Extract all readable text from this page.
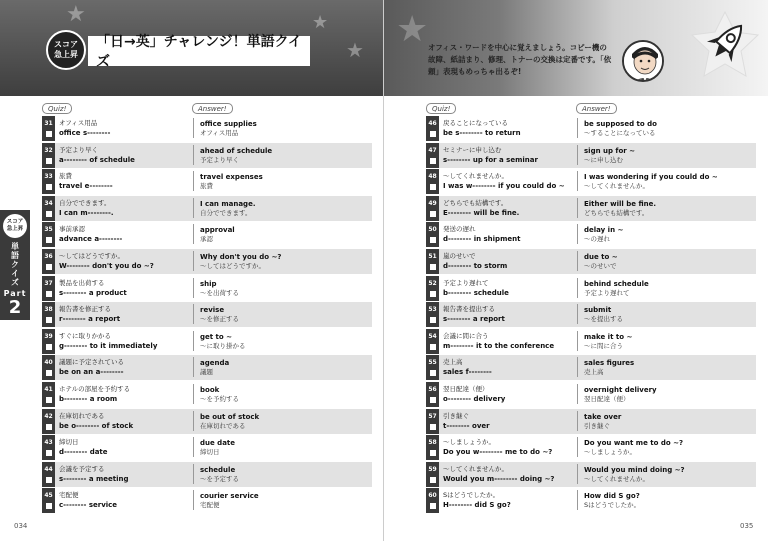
★	★
★
スコア
急上昇
「日→英」チャレンジ！単語クイズ
Quiz!	Answer!
31 オフィス用品
office s--------
office supplies
オフィス用品
32 予定より早く
a-------- of schedule
ahead of schedule
予定より早く
33 旅費
travel e--------
travel expenses
旅費
34 自分でできます。
I can m--------.
I can manage.
自分でできます。
35 事前承認
advance a--------
approval
承認
36 ～してはどうですか。
W-------- don't you do ~?
Why don't you do ~?
～してはどうですか。
37 製品を出荷する
s-------- a product
ship
～を出荷する
38 報告書を修正する
r-------- a report
revise
～を修正する
39 すぐに取りかかる
g-------- to it immediately
get to ~
～に取り掛かる
40 議題に予定されている
be on an a--------
agenda
議題
41 ホテルの部屋を予約する
b-------- a room
book
～を予約する
42 在庫切れである
be o-------- of stock
be out of stock
在庫切れである
43 締切日
d-------- date
due date
締切日
44 会議を予定する
s-------- a meeting
schedule
～を予定する
45 宅配便
c-------- service
courier service
宅配便
スコア
急上昇
単語クイズ
Part
2
034
★
46 戻ることになっている
be s-------- to return
be supposed to do
～することになっている
47 セミナーに申し込む
s-------- up for a seminar
sign up for ~
～に申し込む
48 ～してくれませんか。
I was w-------- if you could do ~
I was wondering if you could do ~
～してくれませんか。
49 どちらでも結構です。
E-------- will be fine.
Either will be fine.
どちらでも結構です。
50 発送の遅れ
d-------- in shipment
delay in ~
～の遅れ
51 嵐のせいで
d-------- to storm
due to ~
～のせいで
52 予定より遅れて
b-------- schedule
behind schedule
予定より遅れて
53 報告書を提出する
s-------- a report
submit
～を提出する
54 会議に間に合う
m-------- it to the conference
make it to ~
～に間に合う
55 売上高
sales f--------
sales figures
売上高
56 翌日配達（便）
o-------- delivery
overnight delivery
翌日配達（便）
57 引き継ぐ
t-------- over
take over
引き継ぐ
58 ～しましょうか。
Do you w-------- me to do ~?
Do you want me to do ~?
～しましょうか。
59 ～してくれませんか。
Would you m-------- doing ~?
Would you mind doing ~?
～してくれませんか。
60 Sはどうでしたか。
H-------- did S go?
How did S go?
Sはどうでしたか。
Quiz!	Answer!
035
オフィス・ワードを中心に覚えましょう。コピー機の故障、紙詰まり、修理、トナーの交換は定番です。「依頼」表現もめっちゃ出るぞ!
